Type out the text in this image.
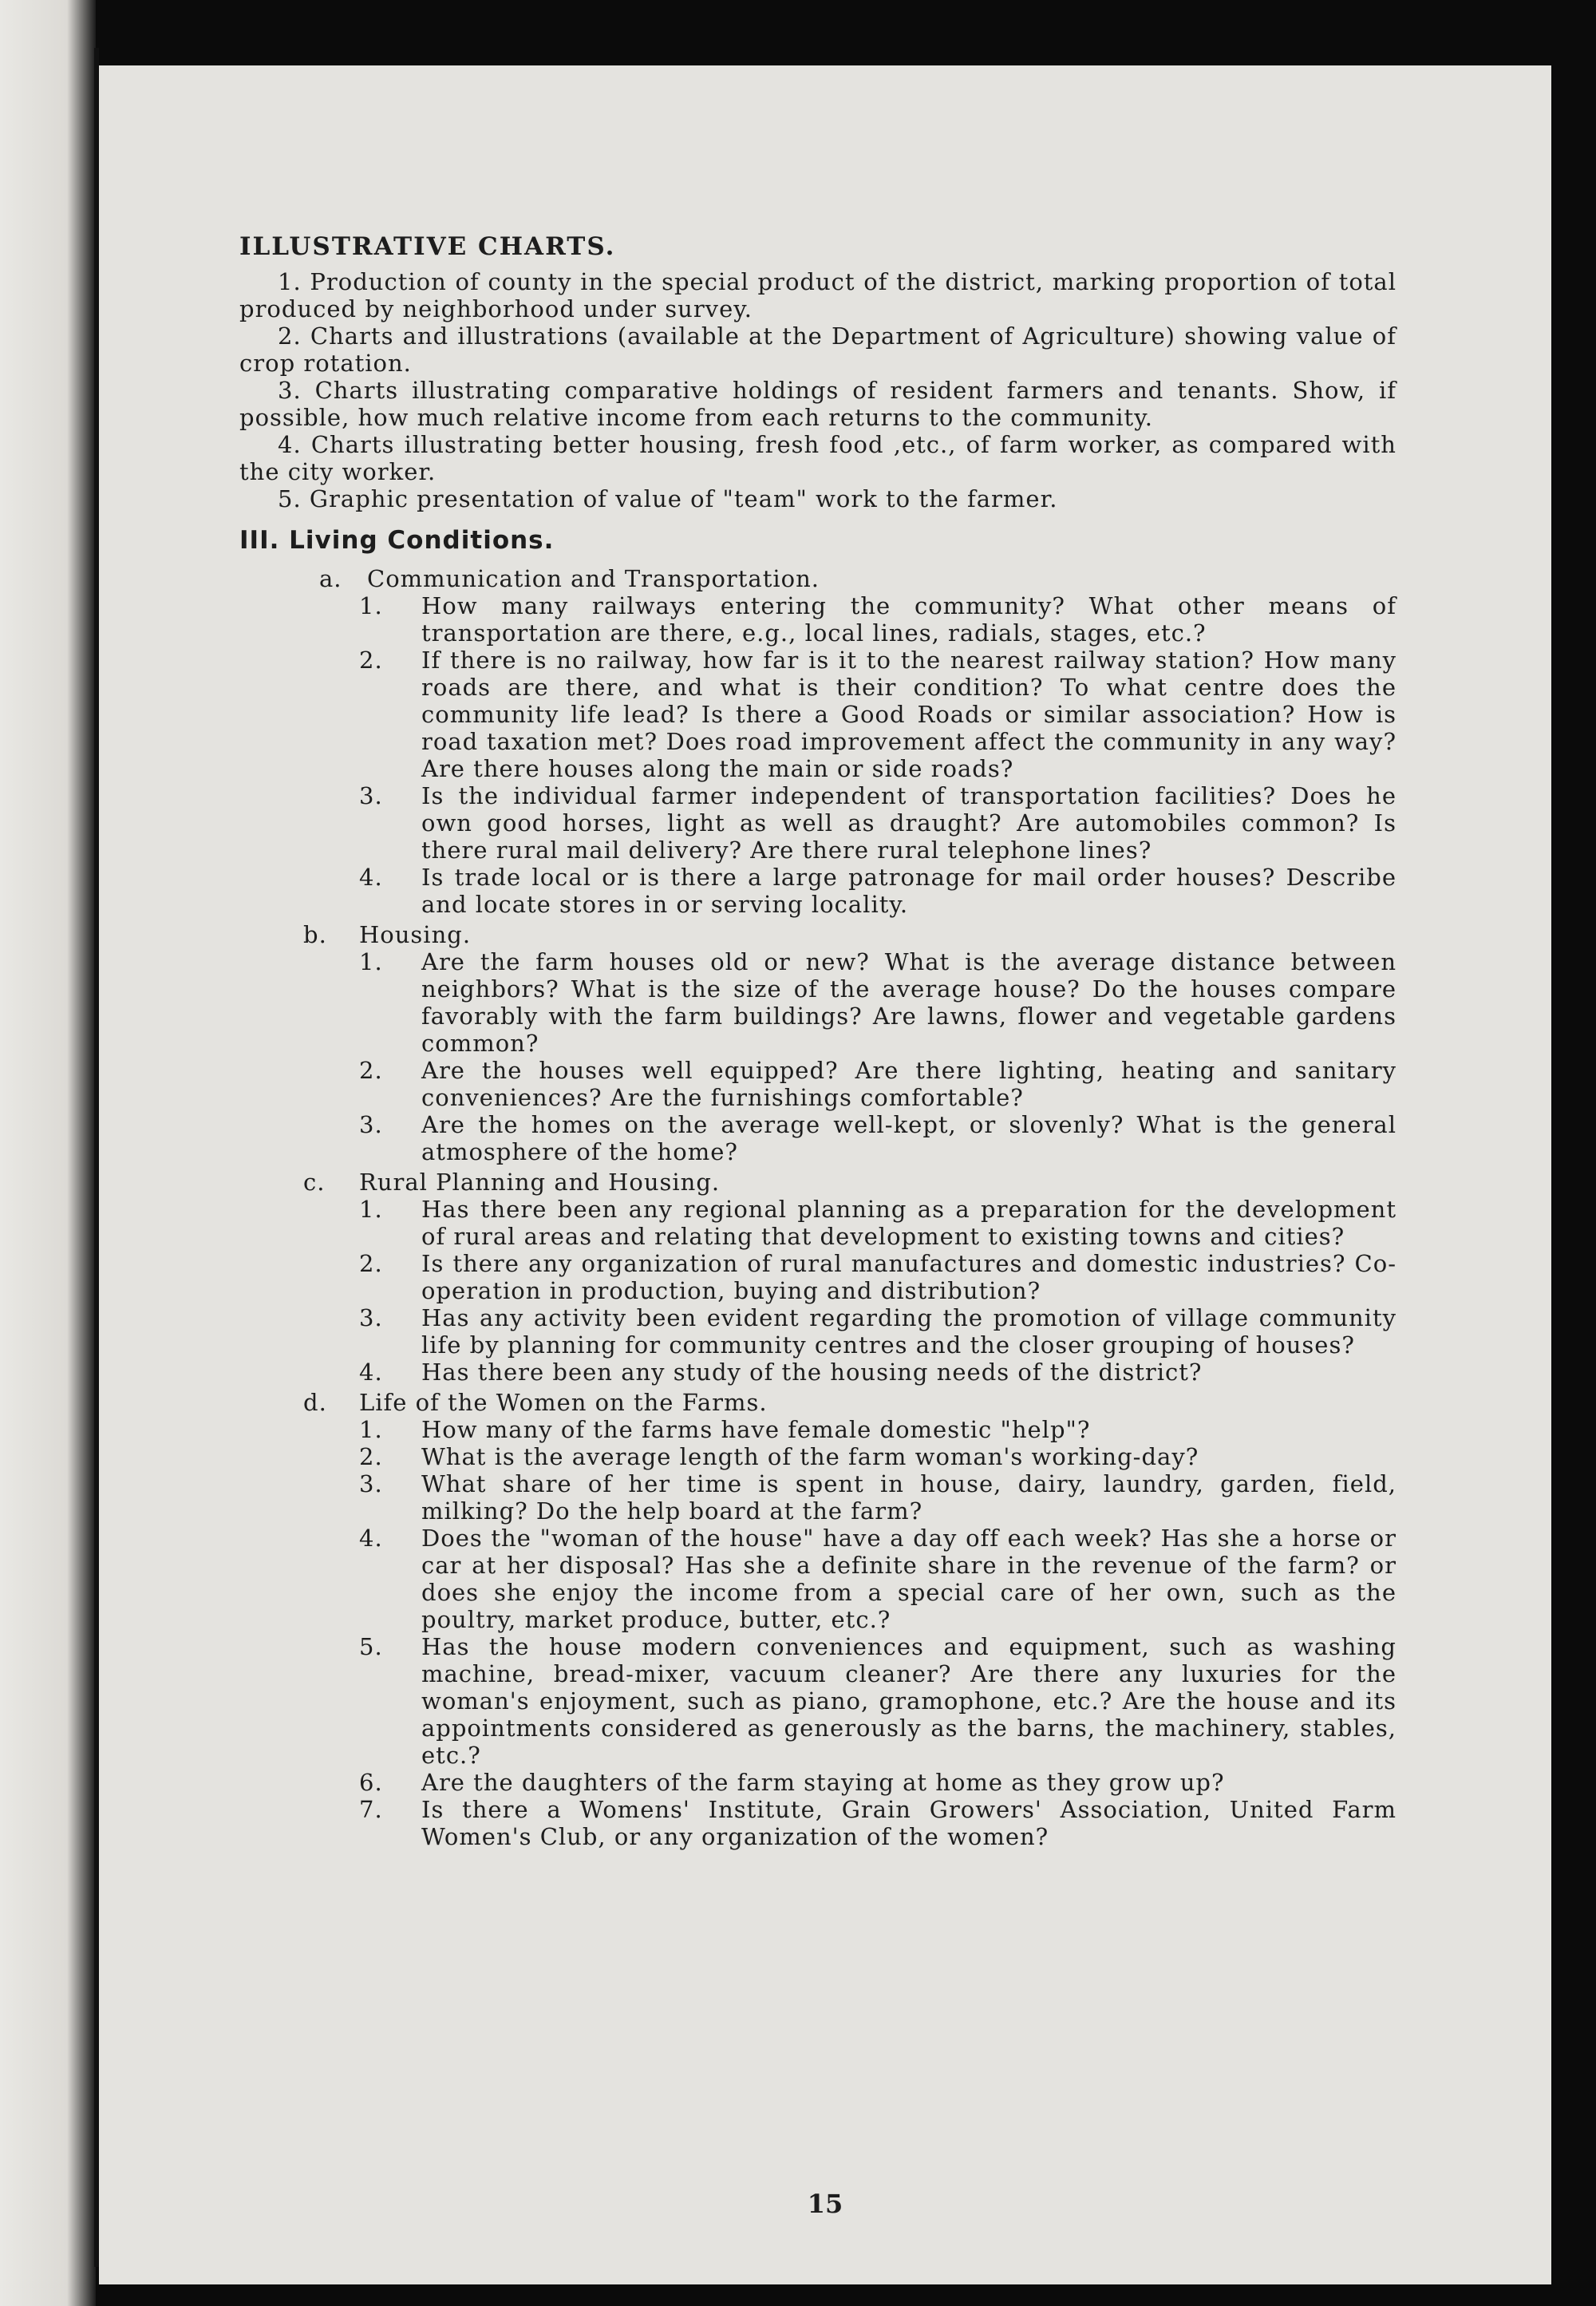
ILLUSTRATIVE CHARTS.

1. Production of county in the special product of the district, marking proportion of total produced by neighborhood under survey.

2. Charts and illustrations (available at the Department of Agriculture) showing value of crop rotation.

3. Charts illustrating comparative holdings of resident farmers and tenants. Show, if possible, how much relative income from each returns to the community.

4. Charts illustrating better housing, fresh food ,etc., of farm worker, as compared with the city worker.

5. Graphic presentation of value of "team" work to the farmer.

III. Living Conditions.
a.	Communication and Transportation.
1.	How many railways entering the community? What other means of transportation are there, e.g., local lines, radials, stages, etc.?
2.	If there is no railway, how far is it to the nearest railway station? How many roads are there, and what is their condition? To what centre does the community life lead? Is there a Good Roads or similar association? How is road taxation met? Does road improvement affect the community in any way? Are there houses along the main or side roads?
3.	Is the individual farmer independent of transportation facilities? Does he own good horses, light as well as draught? Are automobiles common? Is there rural mail delivery? Are there rural telephone lines?
4.	Is trade local or is there a large patronage for mail order houses? Describe and locate stores in or serving locality.
b.	Housing.
1.	Are the farm houses old or new? What is the average distance between neighbors? What is the size of the average house? Do the houses compare favorably with the farm buildings? Are lawns, flower and vegetable gardens common?
2.	Are the houses well equipped? Are there lighting, heating and sanitary conveniences? Are the furnishings comfortable?
3.	Are the homes on the average well-kept, or slovenly? What is the general atmosphere of the home?
c.	Rural Planning and Housing.
1.	Has there been any regional planning as a preparation for the development of rural areas and relating that development to existing towns and cities?
2.	Is there any organization of rural manufactures and domestic industries? Co-operation in production, buying and distribution?
3.	Has any activity been evident regarding the promotion of village community life by planning for community centres and the closer grouping of houses?
4.	Has there been any study of the housing needs of the district?
d.	Life of the Women on the Farms.
1.	How many of the farms have female domestic "help"?
2.	What is the average length of the farm woman's working-day?
3.	What share of her time is spent in house, dairy, laundry, garden, field, milking? Do the help board at the farm?
4.	Does the "woman of the house" have a day off each week? Has she a horse or car at her disposal? Has she a definite share in the revenue of the farm? or does she enjoy the income from a special care of her own, such as the poultry, market produce, butter, etc.?
5.	Has the house modern conveniences and equipment, such as washing machine, bread-mixer, vacuum cleaner? Are there any luxuries for the woman's enjoyment, such as piano, gramophone, etc.? Are the house and its appointments considered as generously as the barns, the machinery, stables, etc.?
6.	Are the daughters of the farm staying at home as they grow up?
7.	Is there a Womens' Institute, Grain Growers' Association, United Farm Women's Club, or any organization of the women?
15
